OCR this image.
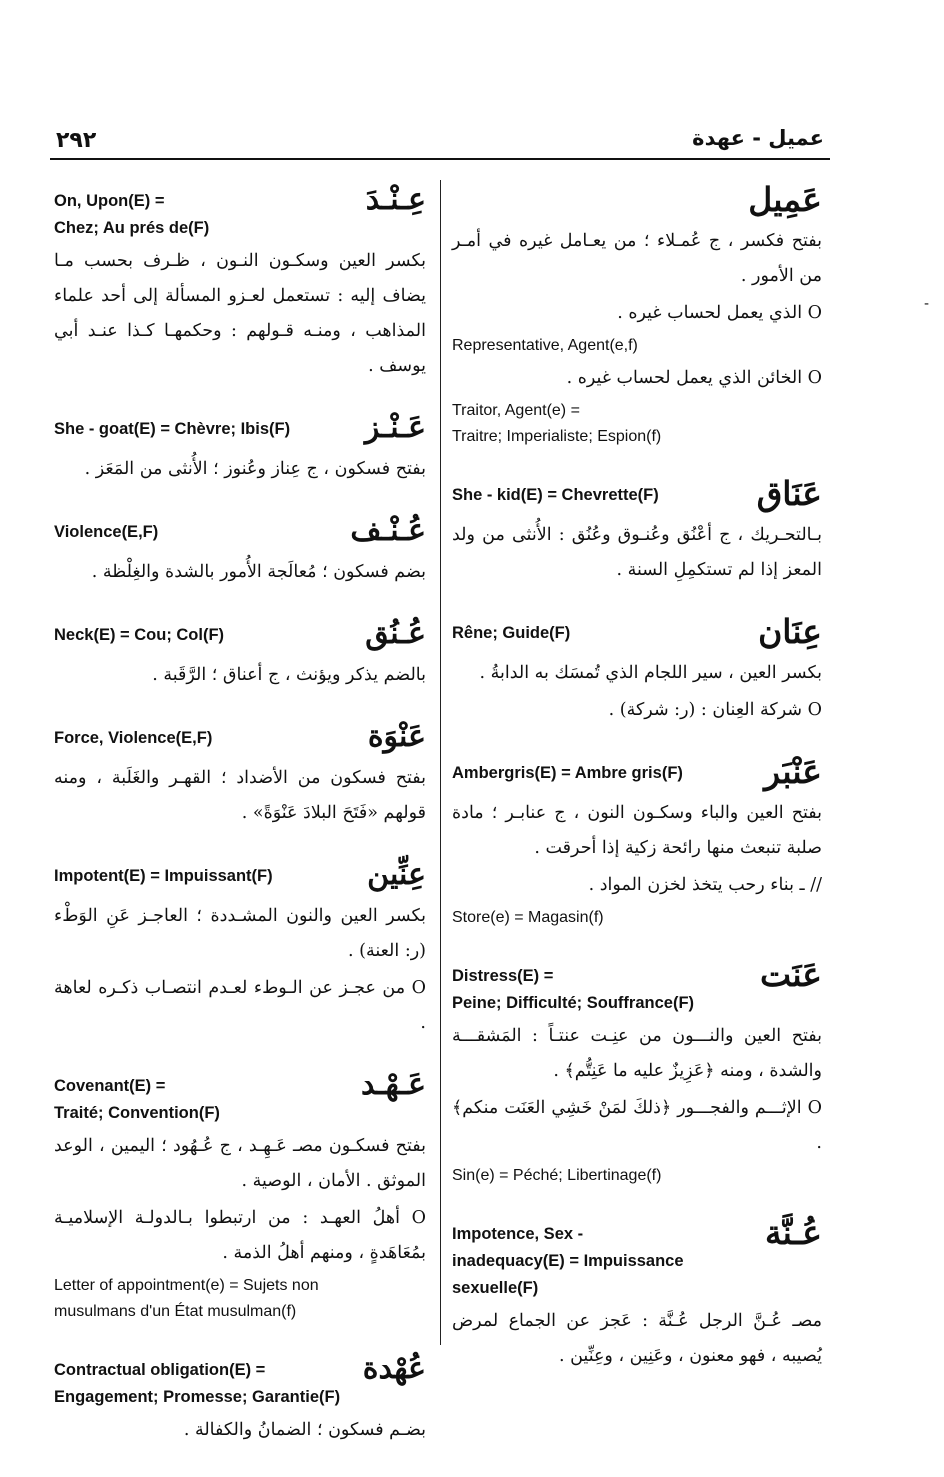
٢٩٢	عميل - عهدة
-
On, Upon(E) =
Chez; Au prés de(F)
عِـنْـدَ
بكسر العين وسكـون النـون ، ظـرف بحسب مـا يضاف إليه : تستعمل لعـزو المسألة إلى أحد علماء المذاهب ، ومنـه قـولهم : وحكمهـا كـذا عنـد أبي يوسف .
She - goat(E) = Chèvre; Ibis(F)	عَـنْـز
بفتح فسكون ، ج عِناز وعُنوز ؛ الأُنثى من المَعَز .
Violence(E,F)	عُـنْـف
بضم فسكون ؛ مُعالَجة الأُمور بالشدة والغِلْظة .
Neck(E) = Cou; Col(F)	عُـنُق
بالضم يذكر ويؤنث ، ج أعناق ؛ الرَّقَبة .
Force, Violence(E,F)	عَنْوَة
بفتح فسكون من الأضداد ؛ القهـر والغَلَبة ، ومنه قولهم «فَتَحَ البلادَ عَنْوَةً» .
Impotent(E) = Impuissant(F)	عِنِّين
بكسر العين والنون المشـددة ؛ العاجـز عَنِ الوَطْء (ر: العنة) .
O من عجـز عن الـوطء لعـدم انتصـاب ذكـره لعاهة .
Covenant(E) =
Traité; Convention(F)
عَـهْـد
بفتح فسكـون مصـ عَـهِـد ، ج عُـهُود ؛ اليمين ، الوعد الموثق . الأمان ، الوصية .
O أهلُ العهـد : من ارتبطوا بـالدولـة الإسلاميـة بمُعَاهَدةٍ ، ومنهم أهلُ الذمة .
Letter of appointment(e) = Sujets non
musulmans d'un État musulman(f)
Contractual obligation(E) =
Engagement; Promesse; Garantie(F)
عُهْدة
بضـم فسكون ؛ الضمانُ والكفالة .
عَمِيل
بفتح فكسر ، ج عُمـلاء ؛ من يعـامل غيره في أمـر من الأمور .
O الذي يعمل لحساب غيره .
Representative, Agent(e,f)
O الخائن الذي يعمل لحساب غيره .
Traitor, Agent(e) =
Traitre; Imperialiste; Espion(f)
She - kid(E) = Chevrette(F)	عَنَاق
بـالتحـريك ، ج أعْنُق وعُنـوق وعُنُق : الأُنثى من ولد المعز إذا لم تستكمِلِ السنة .
Rêne; Guide(F)	عِنَان
بكسر العين ، سير اللجام الذي تُمسَك به الدابةُ .
O شركة العِنان : (ر: شركة) .
Ambergris(E) = Ambre gris(F)	عَنْبَر
بفتح العين والباء وسكـون النون ، ج عنابـر ؛ مادة صلبة تنبعث منها رائحة زكية إذا أحرقت .
// ـ بناء رحب يتخذ لخزن المواد .
Store(e) = Magasin(f)
Distress(E) =
Peine; Difficulté; Souffrance(F)
عَنَت
بفتح العين والنـــون من عنِـت عنتـاً : المَشقـــة والشدة ، ومنه ﴿عَزِيزٌ عليه ما عَنِتُّم﴾ .
O الإثـــم والفجـــور ﴿ذلكَ لمَنْ خَشِي العَنَت منكم﴾ .
Sin(e) = Péché; Libertinage(f)
Impotence, Sex -
inadequacy(E) = Impuissance sexuelle(F)
عُـنَّة
مصـ عُـنَّ الرجل عُـنَّة : عَجز عن الجماع لمرض يُصيبه ، فهو معنون ، وعَنِين ، وعِنِّين .
